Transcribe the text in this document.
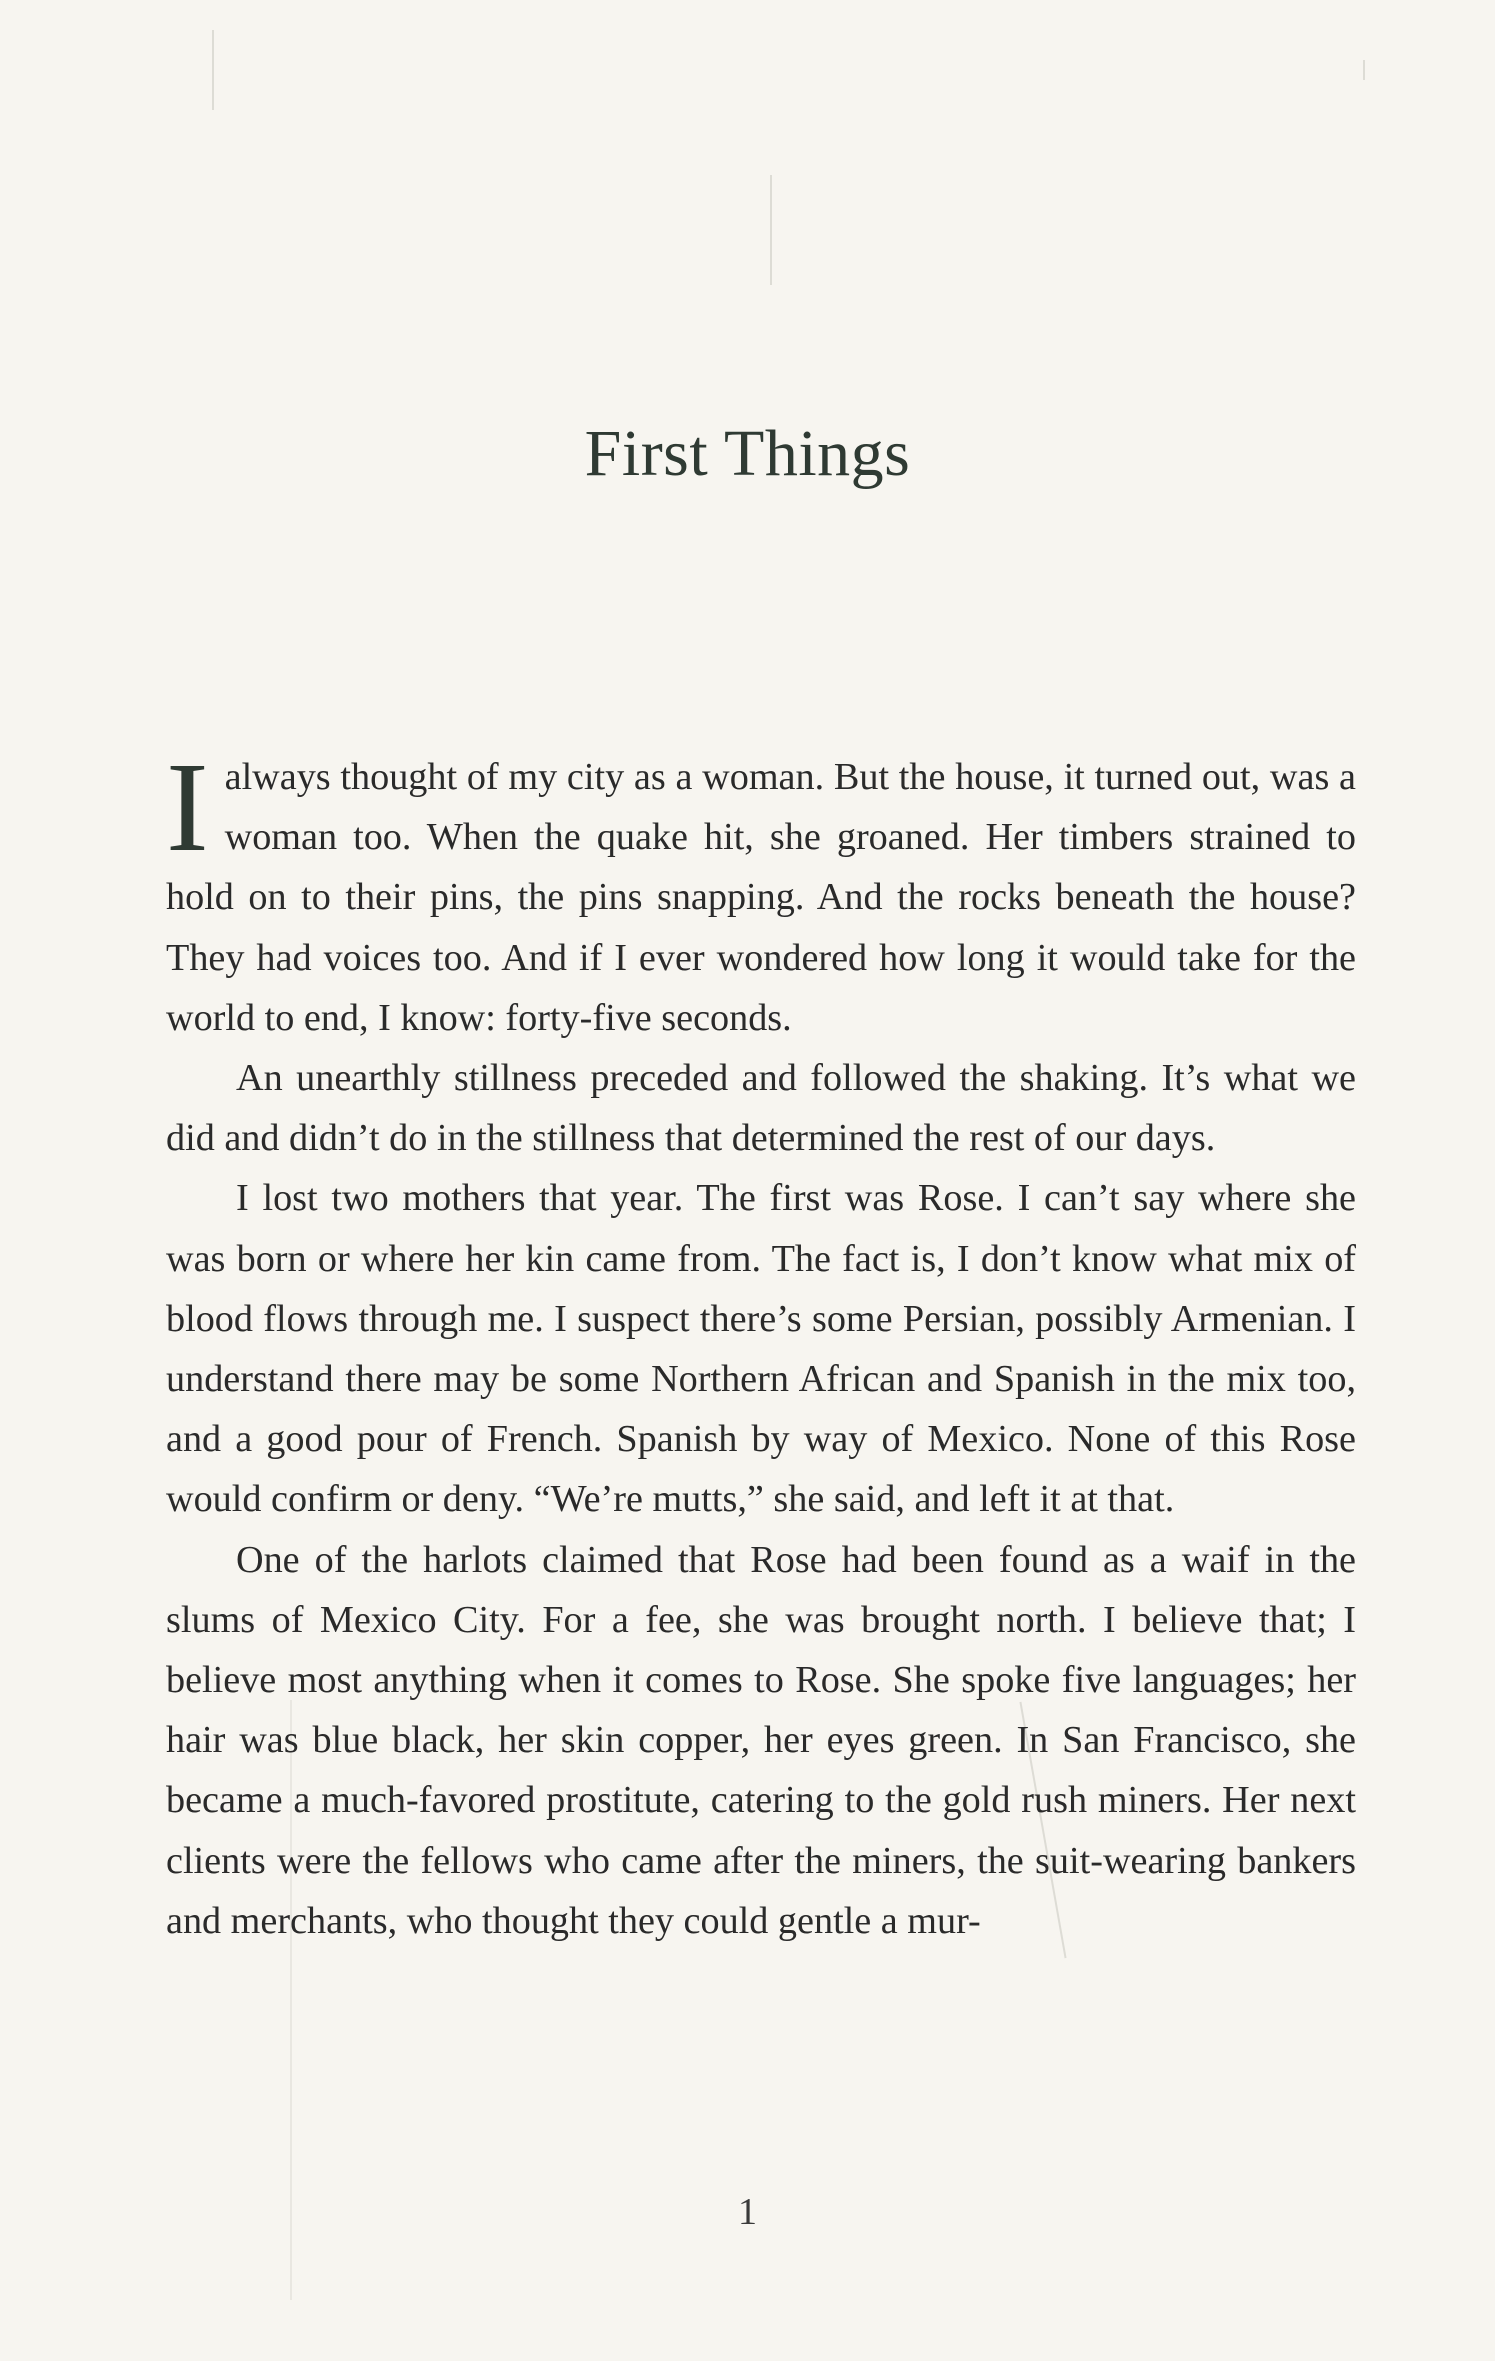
First Things

I always thought of my city as a woman. But the house, it turned out, was a woman too. When the quake hit, she groaned. Her timbers strained to hold on to their pins, the pins snapping. And the rocks beneath the house? They had voices too. And if I ever wondered how long it would take for the world to end, I know: forty-five seconds.

An unearthly stillness preceded and followed the shaking. It’s what we did and didn’t do in the stillness that determined the rest of our days.

I lost two mothers that year. The first was Rose. I can’t say where she was born or where her kin came from. The fact is, I don’t know what mix of blood flows through me. I suspect there’s some Persian, possibly Armenian. I understand there may be some Northern African and Spanish in the mix too, and a good pour of French. Spanish by way of Mexico. None of this Rose would confirm or deny. “We’re mutts,” she said, and left it at that.

One of the harlots claimed that Rose had been found as a waif in the slums of Mexico City. For a fee, she was brought north. I believe that; I believe most anything when it comes to Rose. She spoke five languages; her hair was blue black, her skin copper, her eyes green. In San Francisco, she became a much-favored prostitute, catering to the gold rush miners. Her next clients were the fellows who came after the miners, the suit-wearing bankers and merchants, who thought they could gentle a mur-

1
